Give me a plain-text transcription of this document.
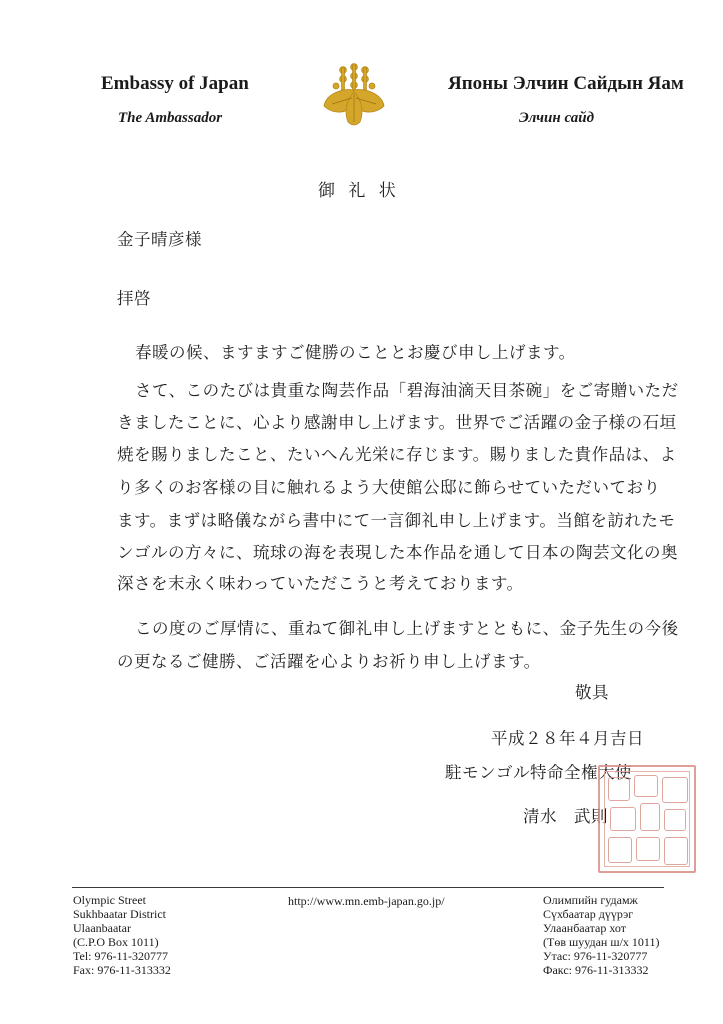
Embassy of Japan
The Ambassador
Японы Элчин Сайдын Яам
Элчин сайд
御 礼 状
金子晴彦様
拝啓
春暖の候、ますますご健勝のこととお慶び申し上げます。
さて、このたびは貴重な陶芸作品「碧海油滴天目茶碗」をご寄贈いただ
きましたことに、心より感謝申し上げます。世界でご活躍の金子様の石垣
焼を賜りましたこと、たいへん光栄に存じます。賜りました貴作品は、よ
り多くのお客様の目に触れるよう大使館公邸に飾らせていただいており
ます。まずは略儀ながら書中にて一言御礼申し上げます。当館を訪れたモ
ンゴルの方々に、琉球の海を表現した本作品を通して日本の陶芸文化の奥
深さを末永く味わっていただこうと考えております。
この度のご厚情に、重ねて御礼申し上げますとともに、金子先生の今後
の更なるご健勝、ご活躍を心よりお祈り申し上げます。
敬具
平成２８年４月吉日
駐モンゴル特命全権大使
清水　武則
Olympic Street
Sukhbaatar District
Ulaanbaatar
(C.P.O Box 1011)
Tel: 976-11-320777
Fax: 976-11-313332
http://www.mn.emb-japan.go.jp/	Олимпийн гудамж
Сүхбаатар дүүрэг
Улаанбаатар хот
(Төв шуудан ш/х 1011)
Утас: 976-11-320777
Факс: 976-11-313332
